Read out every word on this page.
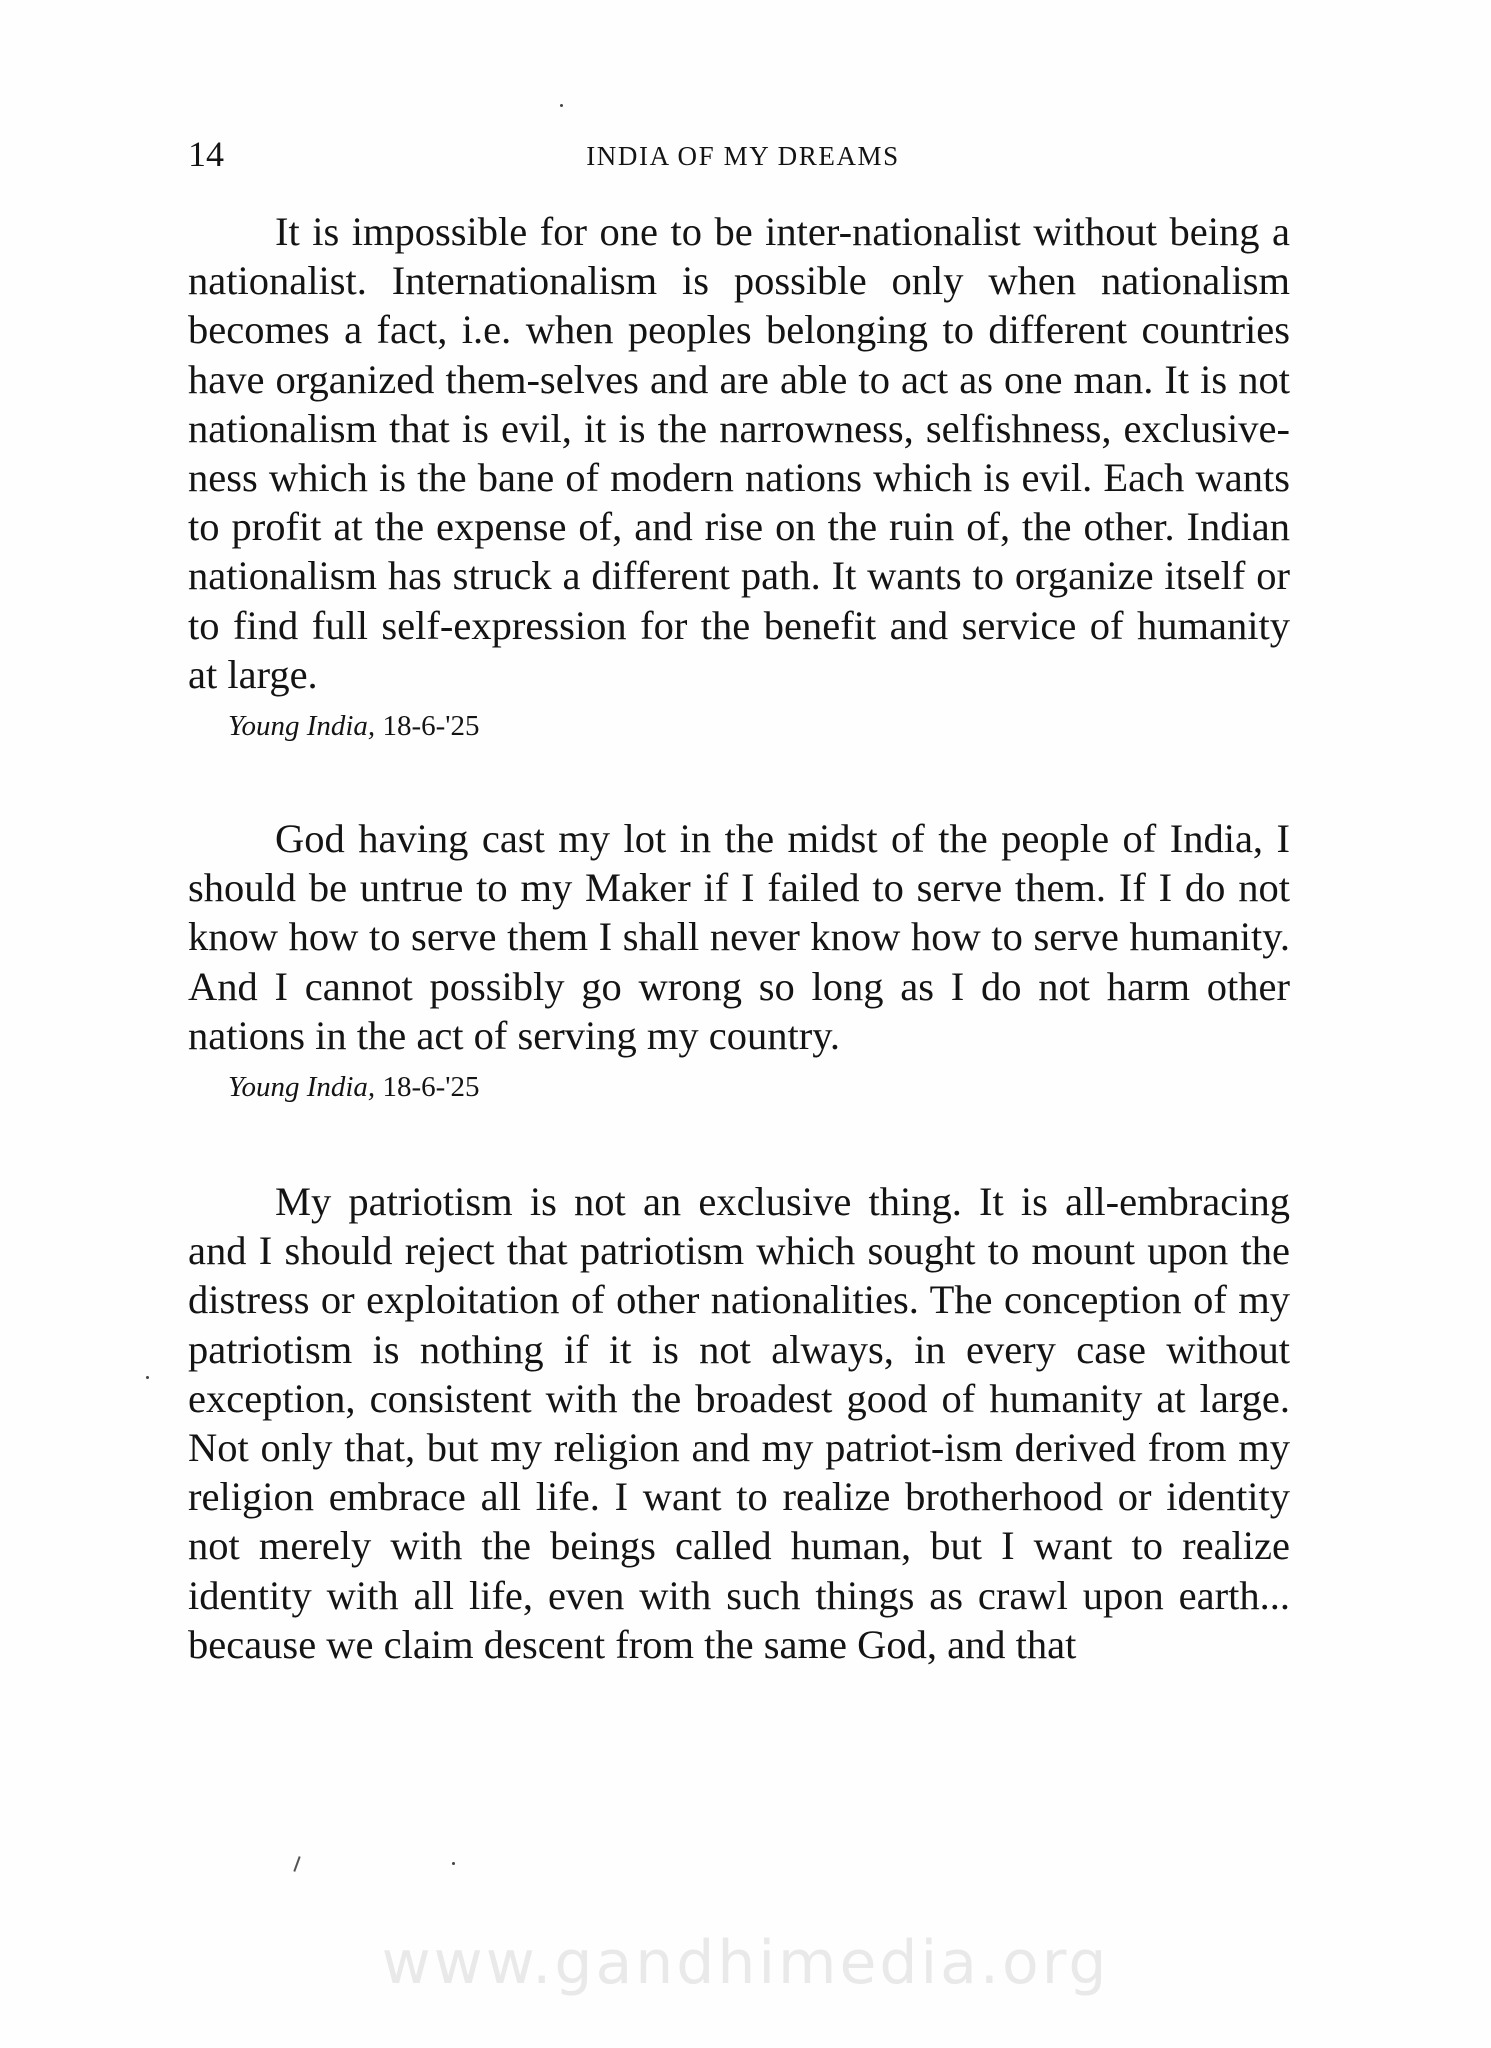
14	INDIA OF MY DREAMS

It is impossible for one to be inter-nationalist without being a nationalist. Internationalism is possible only when nationalism becomes a fact, i.e. when peoples belonging to different countries have organized them-selves and are able to act as one man. It is not nationalism that is evil, it is the narrowness, selfishness, exclusive-ness which is the bane of modern nations which is evil. Each wants to profit at the expense of, and rise on the ruin of, the other. Indian nationalism has struck a different path. It wants to organize itself or to find full self-expression for the benefit and service of humanity at large.

Young India, 18-6-'25

God having cast my lot in the midst of the people of India, I should be untrue to my Maker if I failed to serve them. If I do not know how to serve them I shall never know how to serve humanity. And I cannot possibly go wrong so long as I do not harm other nations in the act of serving my country.

Young India, 18-6-'25

My patriotism is not an exclusive thing. It is all-embracing and I should reject that patriotism which sought to mount upon the distress or exploitation of other nationalities. The conception of my patriotism is nothing if it is not always, in every case without exception, consistent with the broadest good of humanity at large. Not only that, but my religion and my patriot-ism derived from my religion embrace all life. I want to realize brotherhood or identity not merely with the beings called human, but I want to realize identity with all life, even with such things as crawl upon earth... because we claim descent from the same God, and that

www.gandhimedia.org
